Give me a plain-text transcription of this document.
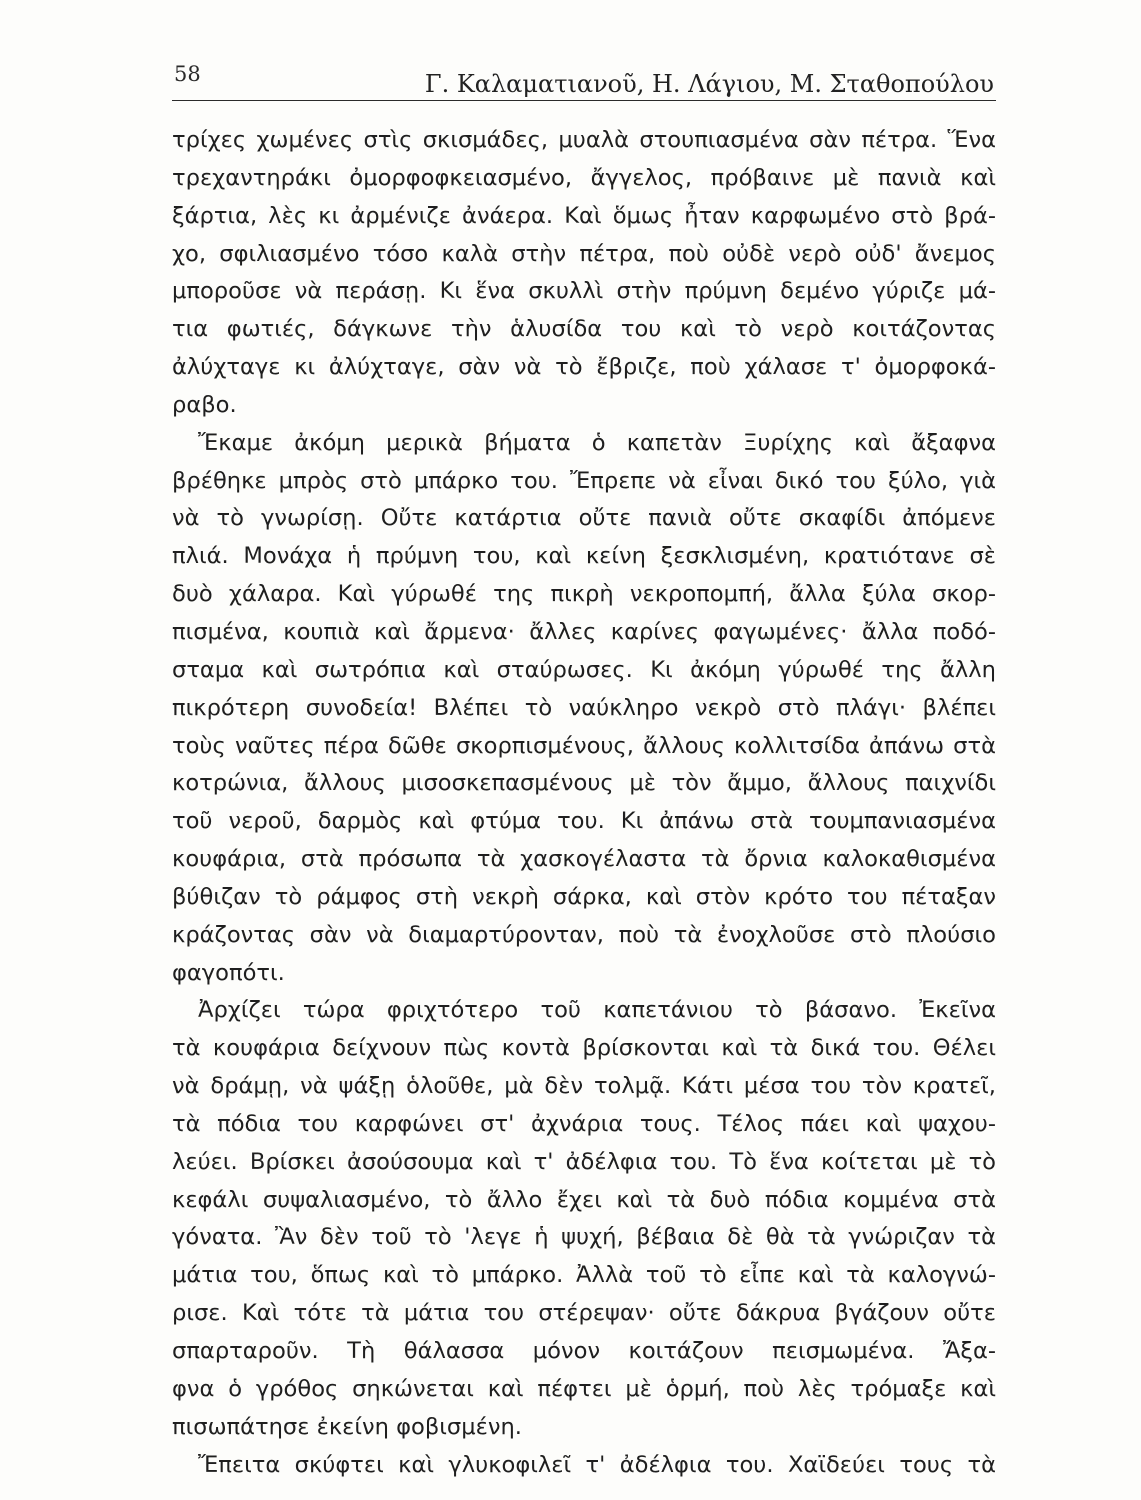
58	Γ. Καλαματιανοῦ, Η. Λάγιου, Μ. Σταθοπούλου
τρίχες χωμένες στὶς σκισμάδες, μυαλὰ στουπιασμένα σὰν πέτρα. Ἕνα
τρεχαντηράκι ὀμορφοφκειασμένο, ἄγγελος, πρόβαινε μὲ πανιὰ καὶ
ξάρτια, λὲς κι ἀρμένιζε ἀνάερα. Καὶ ὅμως ἦταν καρφωμένο στὸ βρά-
χο, σφιλιασμένο τόσο καλὰ στὴν πέτρα, ποὺ οὐδὲ νερὸ οὐδ' ἄνεμος
μποροῦσε νὰ περάσῃ. Κι ἕνα σκυλλὶ στὴν πρύμνη δεμένο γύριζε μά-
τια φωτιές, δάγκωνε τὴν ἁλυσίδα του καὶ τὸ νερὸ κοιτάζοντας
ἀλύχταγε κι ἀλύχταγε, σὰν νὰ τὸ ἔβριζε, ποὺ χάλασε τ' ὀμορφοκά-
ραβο.
Ἔκαμε ἀκόμη μερικὰ βήματα ὁ καπετὰν Ξυρίχης καὶ ἄξαφνα
βρέθηκε μπρὸς στὸ μπάρκο του. Ἔπρεπε νὰ εἶναι δικό του ξύλο, γιὰ
νὰ τὸ γνωρίσῃ. Οὔτε κατάρτια οὔτε πανιὰ οὔτε σκαφίδι ἀπόμενε
πλιά. Μονάχα ἡ πρύμνη του, καὶ κείνη ξεσκλισμένη, κρατιότανε σὲ
δυὸ χάλαρα. Καὶ γύρωθέ της πικρὴ νεκροπομπή, ἄλλα ξύλα σκορ-
πισμένα, κουπιὰ καὶ ἄρμενα· ἄλλες καρίνες φαγωμένες· ἄλλα ποδό-
σταμα καὶ σωτρόπια καὶ σταύρωσες. Κι ἀκόμη γύρωθέ της ἄλλη
πικρότερη συνοδεία! Βλέπει τὸ ναύκληρο νεκρὸ στὸ πλάγι· βλέπει
τοὺς ναῦτες πέρα δῶθε σκορπισμένους, ἄλλους κολλιτσίδα ἀπάνω στὰ
κοτρώνια, ἄλλους μισοσκεπασμένους μὲ τὸν ἄμμο, ἄλλους παιχνίδι
τοῦ νεροῦ, δαρμὸς καὶ φτύμα του. Κι ἀπάνω στὰ τουμπανιασμένα
κουφάρια, στὰ πρόσωπα τὰ χασκογέλαστα τὰ ὄρνια καλοκαθισμένα
βύθιζαν τὸ ράμφος στὴ νεκρὴ σάρκα, καὶ στὸν κρότο του πέταξαν
κράζοντας σὰν νὰ διαμαρτύρονταν, ποὺ τὰ ἐνοχλοῦσε στὸ πλούσιο
φαγοπότι.
Ἀρχίζει τώρα φριχτότερο τοῦ καπετάνιου τὸ βάσανο. Ἐκεῖνα
τὰ κουφάρια δείχνουν πὼς κοντὰ βρίσκονται καὶ τὰ δικά του. Θέλει
νὰ δράμῃ, νὰ ψάξῃ ὁλοῦθε, μὰ δὲν τολμᾷ. Κάτι μέσα του τὸν κρατεῖ,
τὰ πόδια του καρφώνει στ' ἀχνάρια τους. Τέλος πάει καὶ ψαχου-
λεύει. Βρίσκει ἀσούσουμα καὶ τ' ἀδέλφια του. Τὸ ἕνα κοίτεται μὲ τὸ
κεφάλι συψαλιασμένο, τὸ ἄλλο ἔχει καὶ τὰ δυὸ πόδια κομμένα στὰ
γόνατα. Ἂν δὲν τοῦ τὸ 'λεγε ἡ ψυχή, βέβαια δὲ θὰ τὰ γνώριζαν τὰ
μάτια του, ὅπως καὶ τὸ μπάρκο. Ἀλλὰ τοῦ τὸ εἶπε καὶ τὰ καλογνώ-
ρισε. Καὶ τότε τὰ μάτια του στέρεψαν· οὔτε δάκρυα βγάζουν οὔτε
σπαρταροῦν. Τὴ θάλασσα μόνον κοιτάζουν πεισμωμένα. Ἄξα-
φνα ὁ γρόθος σηκώνεται καὶ πέφτει μὲ ὁρμή, ποὺ λὲς τρόμαξε καὶ
πισωπάτησε ἐκείνη φοβισμένη.
Ἔπειτα σκύφτει καὶ γλυκοφιλεῖ τ' ἀδέλφια του. Χαϊδεύει τους τὰ
